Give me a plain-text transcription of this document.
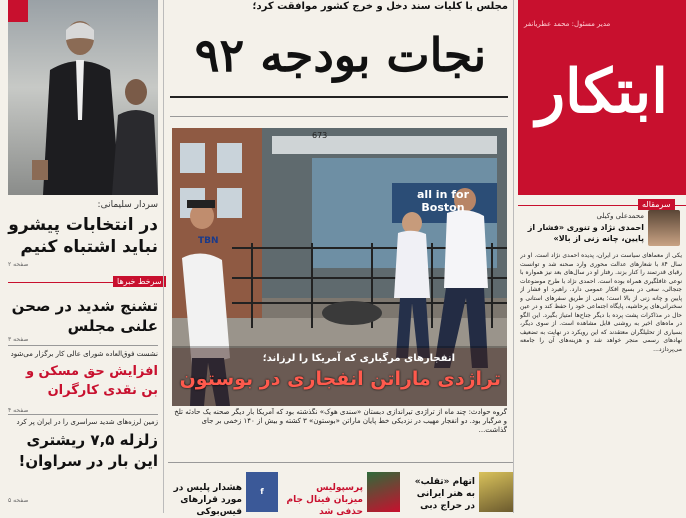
مجلس با کلیات سند دخل و خرج کشور موافقت کرد؛
نجات بودجه ۹۲
سردار سلیمانی:
در انتخابات پیشرو نباید اشتباه کنیم
صفحه ۲
سرخط خبرها
تشنج شدید در صحن علنی مجلس
صفحه ۳
نشست فوق‌العاده شورای عالی کار برگزار می‌شود
افزایش حق مسکن و بن نقدی کارگران
صفحه ۴
زمین لرزه‌های شدید سراسری را در ایران پر کرد
زلزله ۷,۵ ریشتری این بار در سراوان!
صفحه ۵
673
all in for Boston
TBN
انفجارهای مرگباری که آمریکا را لرزاند؛
تراژدی ماراتن انفجاری در بوستون
گروه حوادث: چند ماه از تراژدی تیراندازی دبستان «سندی هوک» نگذشته بود که آمریکا بار دیگر صحنه یک حادثه تلخ و مرگبار بود. دو انفجار مهیب در نزدیکی خط پایان ماراتن «بوستون» ۳ کشته و بیش از ۱۴۰ زخمی بر جای گذاشت...
هشدار پلیس در مورد قرارهای فیس‌بوکی
f	پرسپولیس میزبان فینال جام حذفی شد
اتهام «تقلب» به هنر ایرانی در حراج دبی
ابتکار
مدیر مسئول: محمد عطریانفر
سرمقاله
محمدعلی وکیلی
احمدی نژاد و تنوری «فشار از پایین، چانه زنی از بالا»
یکی از معماهای سیاست در ایران، پدیده احمدی نژاد است. او در سال ۸۴ با شعارهای عدالت محوری وارد صحنه شد و توانست رقبای قدرتمند را کنار بزند. رفتار او در سال‌های بعد نیز همواره با نوعی غافلگیری همراه بوده است. احمدی نژاد با طرح موضوعات جنجالی، سعی در بسیج افکار عمومی دارد. راهبرد او فشار از پایین و چانه زنی از بالا است؛ یعنی از طریق سفرهای استانی و سخنرانی‌های پرحاشیه، پایگاه اجتماعی خود را حفظ کند و در عین حال در مذاکرات پشت پرده با دیگر جناح‌ها امتیاز بگیرد. این الگو در ماه‌های اخیر به روشنی قابل مشاهده است. از سوی دیگر، بسیاری از تحلیلگران معتقدند که این رویکرد در نهایت به تضعیف نهادهای رسمی منجر خواهد شد و هزینه‌های آن را جامعه می‌پردازد...
